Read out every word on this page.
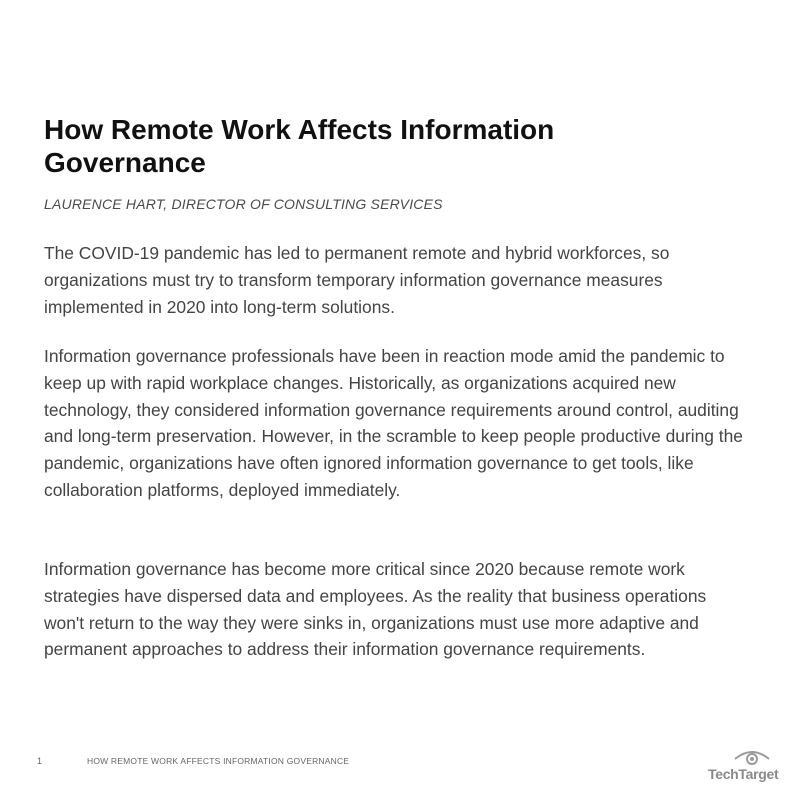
How Remote Work Affects Information Governance
LAURENCE HART, DIRECTOR OF CONSULTING SERVICES

The COVID-19 pandemic has led to permanent remote and hybrid workforces, so organizations must try to transform temporary information governance measures implemented in 2020 into long-term solutions.

Information governance professionals have been in reaction mode amid the pandemic to keep up with rapid workplace changes. Historically, as organizations acquired new technology, they considered information governance requirements around control, auditing and long-term preservation. However, in the scramble to keep people productive during the pandemic, organizations have often ignored information governance to get tools, like collaboration platforms, deployed immediately.

Information governance has become more critical since 2020 because remote work strategies have dispersed data and employees. As the reality that business operations won't return to the way they were sinks in, organizations must use more adaptive and permanent approaches to address their information governance requirements.

1	HOW REMOTE WORK AFFECTS INFORMATION GOVERNANCE
TechTarget
